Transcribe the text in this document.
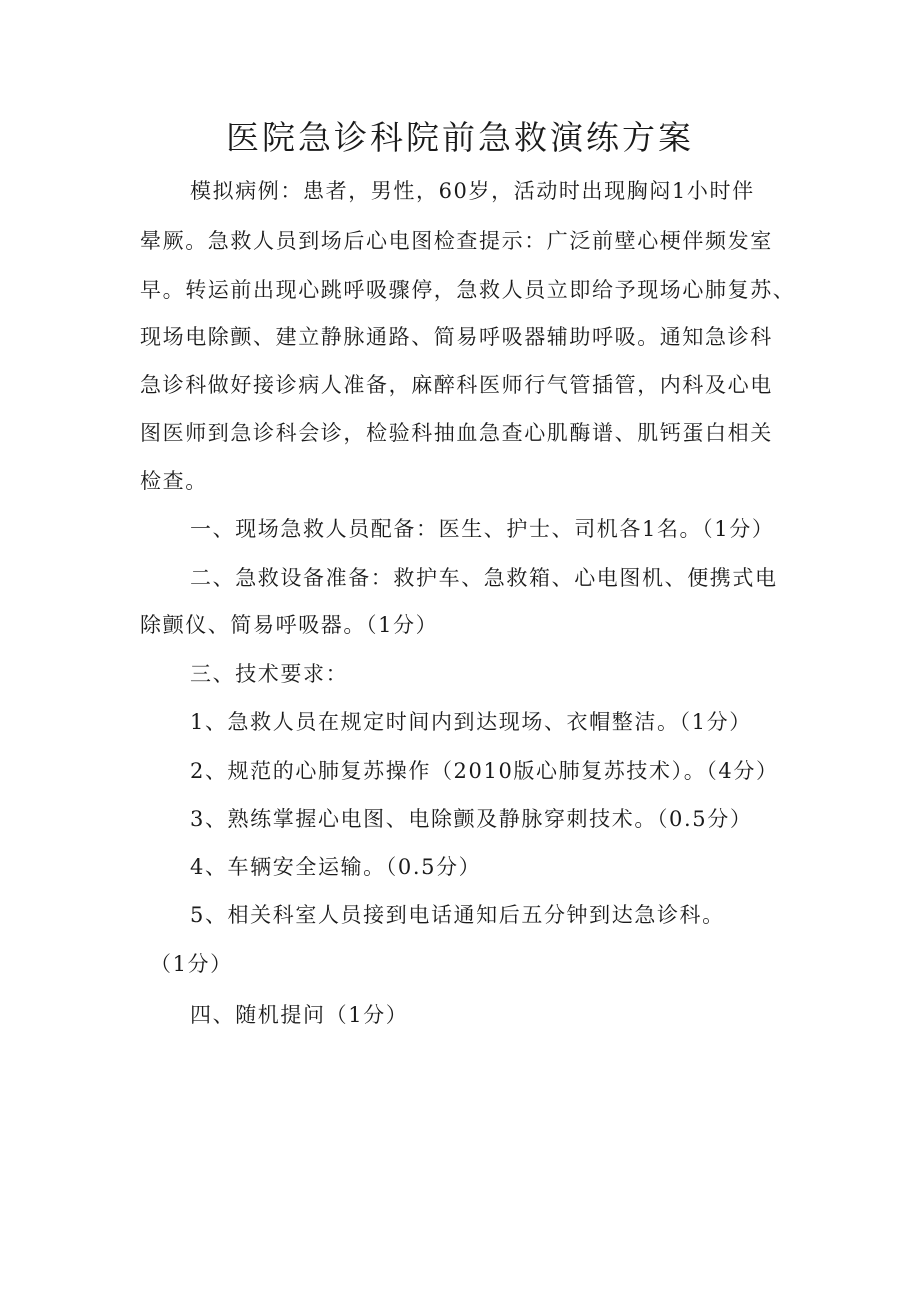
医院急诊科院前急救演练方案
模拟病例：患者，男性，60岁，活动时出现胸闷1小时伴
晕厥。急救人员到场后心电图检查提示：广泛前壁心梗伴频发室
早。转运前出现心跳呼吸骤停，急救人员立即给予现场心肺复苏、
现场电除颤、建立静脉通路、简易呼吸器辅助呼吸。通知急诊科
急诊科做好接诊病人准备，麻醉科医师行气管插管，内科及心电
图医师到急诊科会诊，检验科抽血急查心肌酶谱、肌钙蛋白相关
检查。
一、现场急救人员配备：医生、护士、司机各1名。（1分）
二、急救设备准备：救护车、急救箱、心电图机、便携式电
除颤仪、简易呼吸器。（1分）
三、技术要求：
1、急救人员在规定时间内到达现场、衣帽整洁。（1分）
2、规范的心肺复苏操作（2010版心肺复苏技术）。（4分）
3、熟练掌握心电图、电除颤及静脉穿刺技术。（0.5分）
4、车辆安全运输。（0.5分）
5、相关科室人员接到电话通知后五分钟到达急诊科。
（1分）
四、随机提问（1分）
